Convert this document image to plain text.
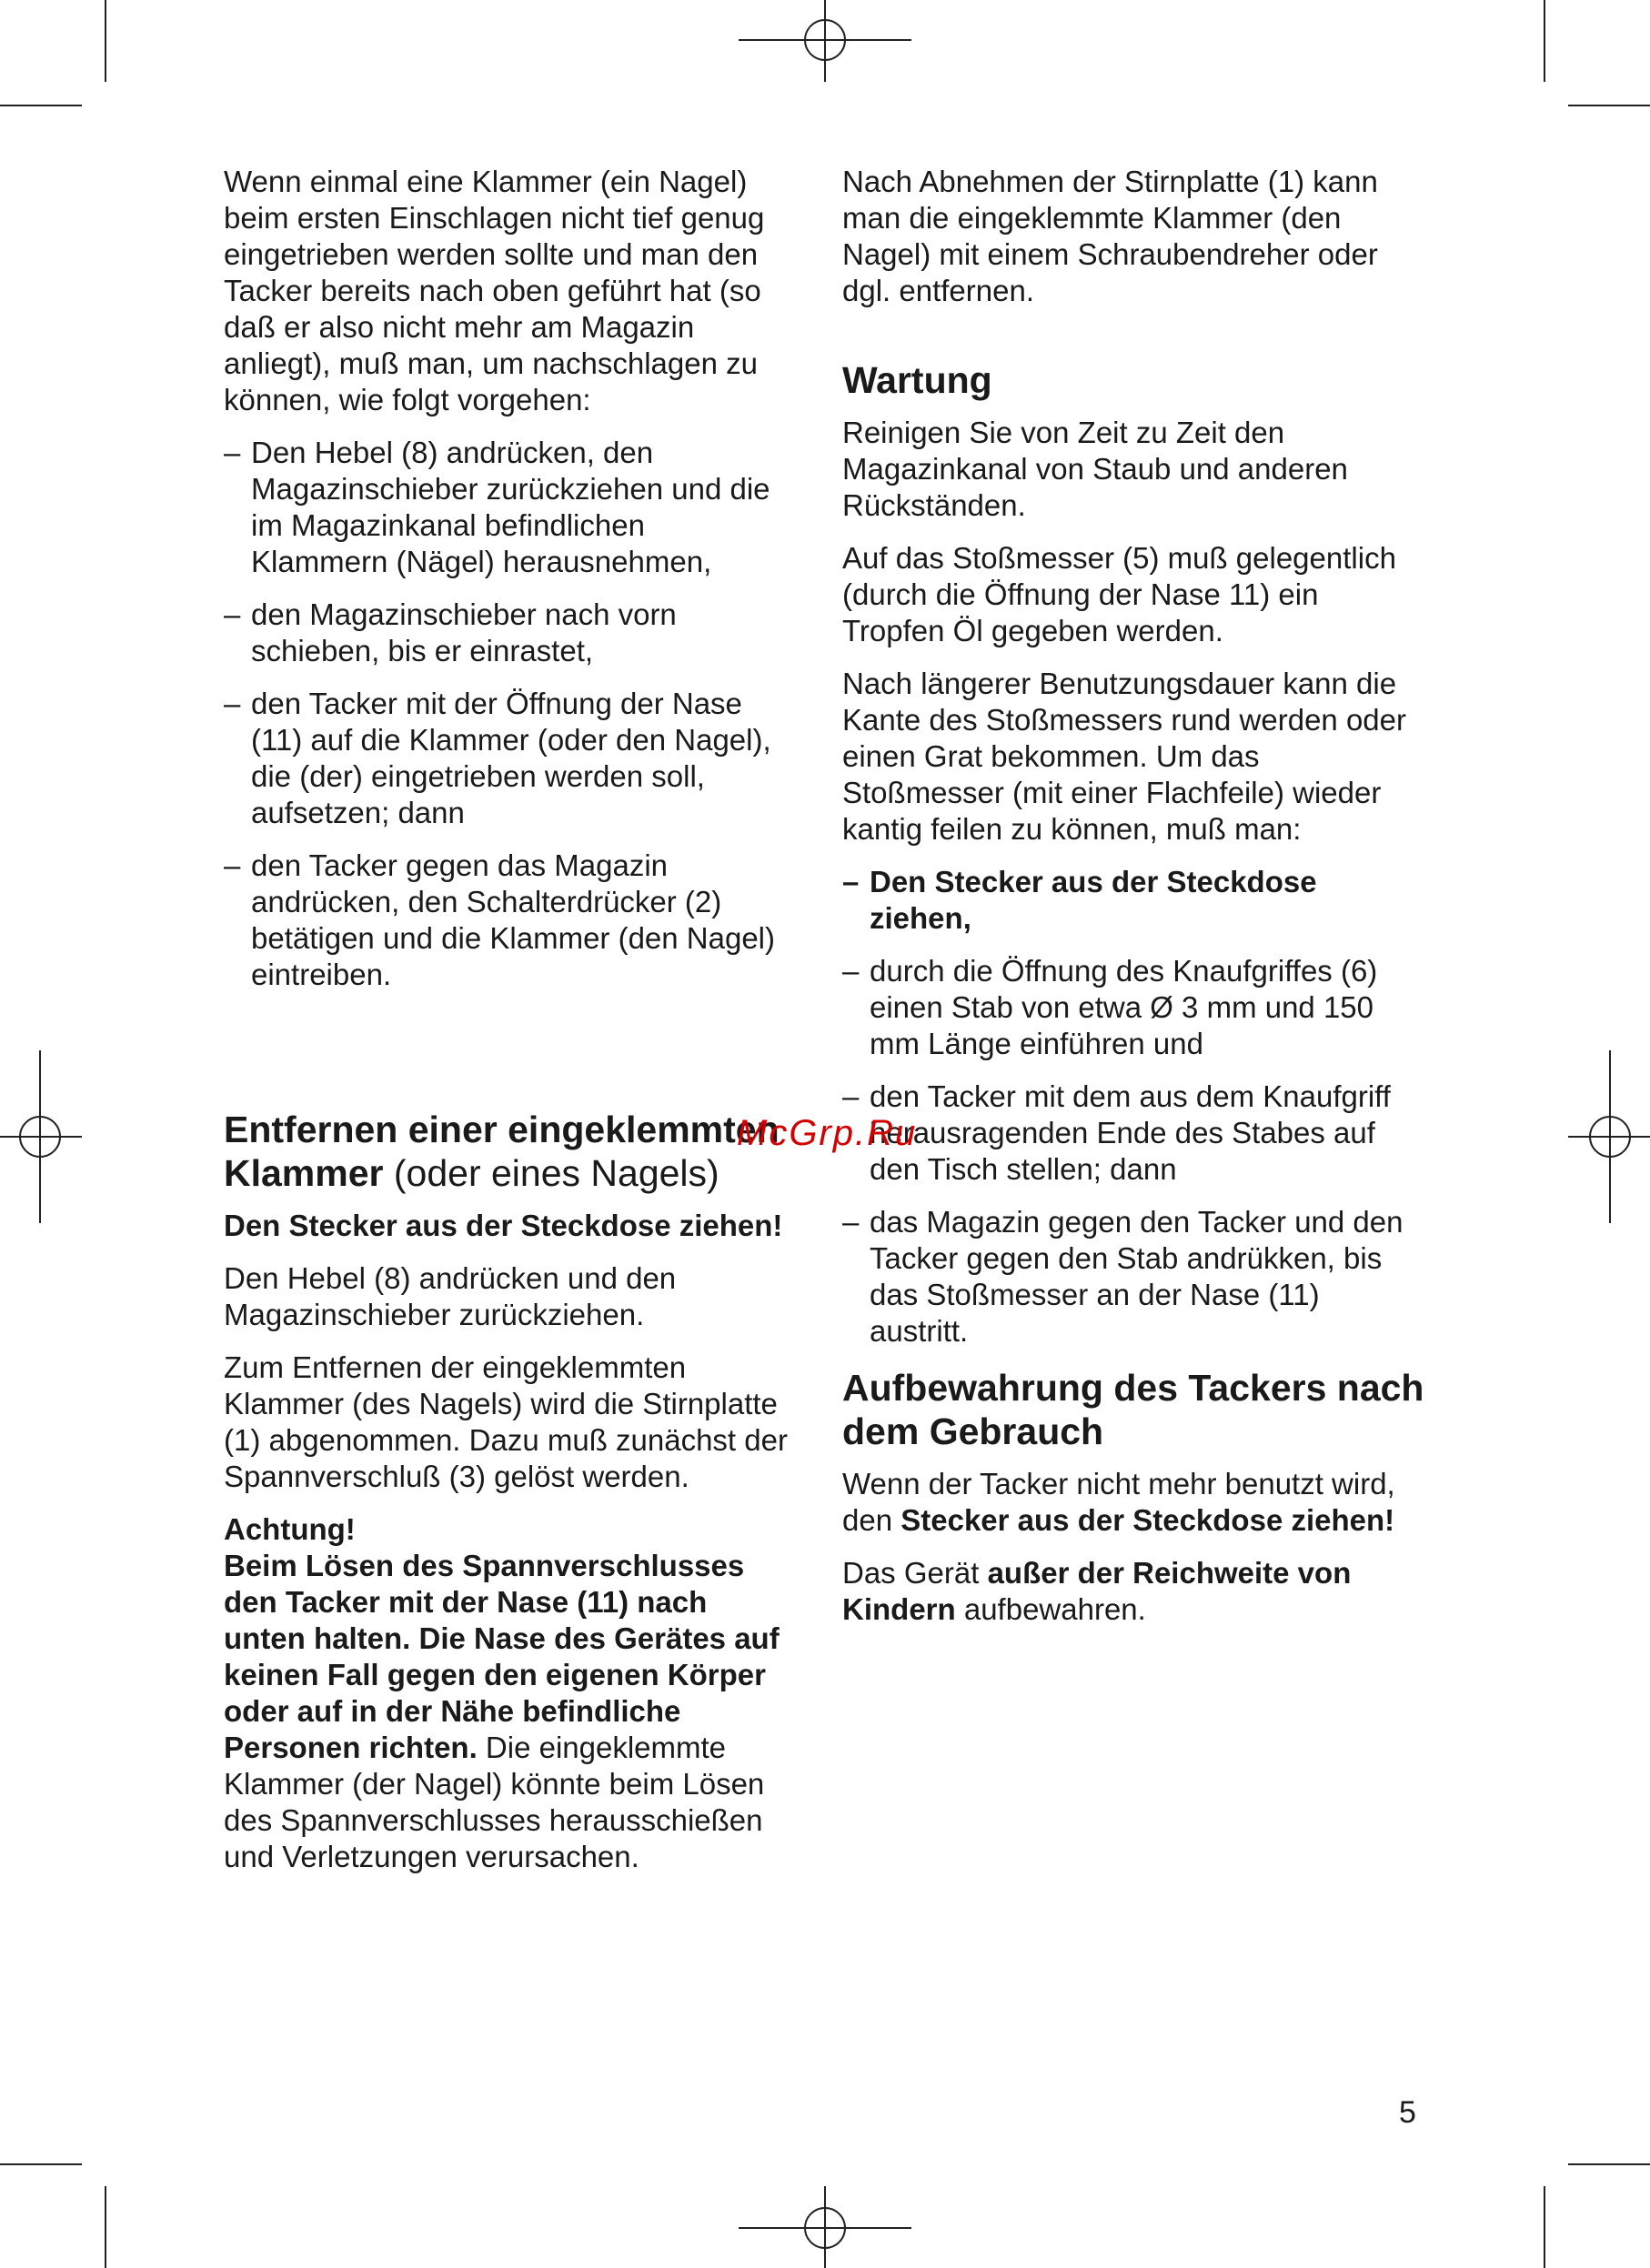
Wenn einmal eine Klammer (ein Nagel) beim ersten Einschlagen nicht tief genug eingetrieben werden sollte und man den Tacker bereits nach oben geführt hat (so daß er also nicht mehr am Magazin anliegt), muß man, um nachschlagen zu können, wie folgt vorgehen:

– Den Hebel (8) andrücken, den Magazinschieber zurückziehen und die im Magazinkanal befindlichen Klammern (Nägel) herausnehmen,
– den Magazinschieber nach vorn schieben, bis er einrastet,
– den Tacker mit der Öffnung der Nase (11) auf die Klammer (oder den Nagel), die (der) eingetrieben werden soll, aufsetzen; dann
– den Tacker gegen das Magazin andrücken, den Schalterdrücker (2) betätigen und die Klammer (den Nagel) eintreiben.
Entfernen einer eingeklemmten Klammer (oder eines Nagels)

Den Stecker aus der Steckdose ziehen!

Den Hebel (8) andrücken und den Magazinschieber zurückziehen.

Zum Entfernen der eingeklemmten Klammer (des Nagels) wird die Stirnplatte (1) abgenommen. Dazu muß zunächst der Spannverschluß (3) gelöst werden.

Achtung!
Beim Lösen des Spannverschlusses den Tacker mit der Nase (11) nach unten halten. Die Nase des Gerätes auf keinen Fall gegen den eigenen Körper oder auf in der Nähe befindliche Personen richten. Die eingeklemmte Klammer (der Nagel) könnte beim Lösen des Spannverschlusses herausschießen und Verletzungen verursachen.

Nach Abnehmen der Stirnplatte (1) kann man die eingeklemmte Klammer (den Nagel) mit einem Schraubendreher oder dgl. entfernen.

Wartung

Reinigen Sie von Zeit zu Zeit den Magazinkanal von Staub und anderen Rückständen.

Auf das Stoßmesser (5) muß gelegentlich (durch die Öffnung der Nase 11) ein Tropfen Öl gegeben werden.

Nach längerer Benutzungsdauer kann die Kante des Stoßmessers rund werden oder einen Grat bekommen. Um das Stoßmesser (mit einer Flachfeile) wieder kantig feilen zu können, muß man:

– Den Stecker aus der Steckdose ziehen,
– durch die Öffnung des Knaufgriffes (6) einen Stab von etwa Ø 3 mm und 150 mm Länge einführen und
– den Tacker mit dem aus dem Knaufgriff herausragenden Ende des Stabes auf den Tisch stellen; dann
– das Magazin gegen den Tacker und den Tacker gegen den Stab andrükken, bis das Stoßmesser an der Nase (11) austritt.
Aufbewahrung des Tackers nach dem Gebrauch

Wenn der Tacker nicht mehr benutzt wird, den Stecker aus der Steckdose ziehen!

Das Gerät außer der Reichweite von Kindern aufbewahren.

McGrp.Ru
5
